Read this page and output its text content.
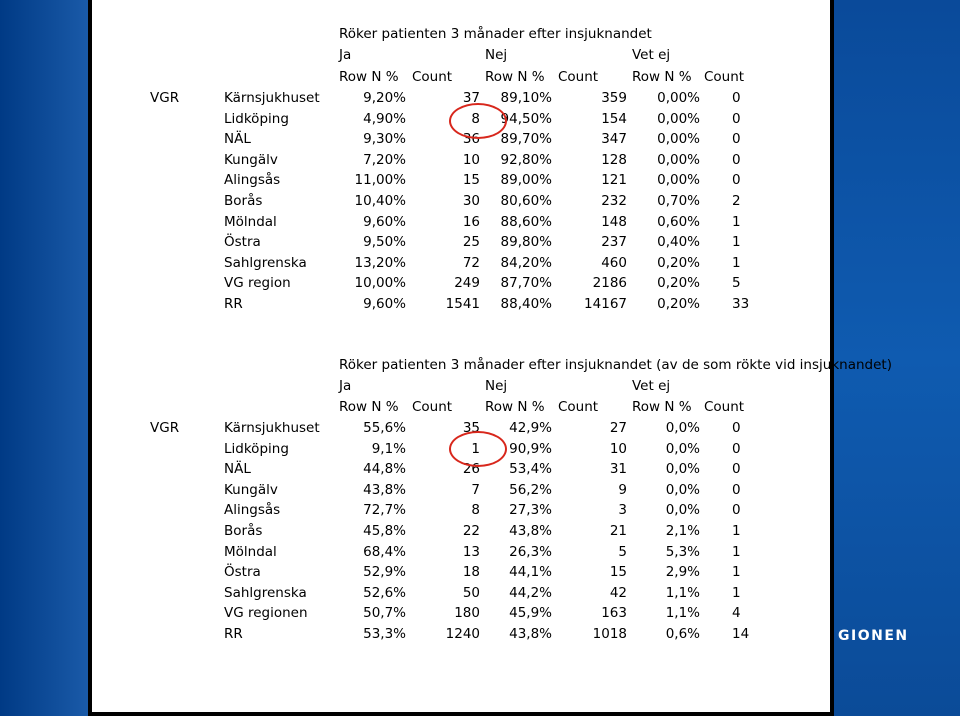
GIONEN
Röker patienten 3 månader efter insjuknandet
Ja	Nej	Vet ej
Row N % Count Row N % Count	Row N % Count
VGR	Kärnsjukhuset	9,20%	37	89,10%	359	0,00% 0
Lidköping	4,90%	8	94,50%	154	0,00% 0
NÄL	9,30%	36	89,70%	347	0,00% 0
Kungälv	7,20%	10	92,80%	128	0,00% 0
Alingsås	11,00%	15	89,00%	121	0,00% 0
Borås	10,40%	30	80,60%	232	0,70% 2
Mölndal	9,60%	16	88,60%	148	0,60% 1
Östra	9,50%	25	89,80%	237	0,40% 1
Sahlgrenska	13,20%	72	84,20%	460	0,20% 1
VG region	10,00%	249	87,70%	2186	0,20% 5
RR	9,60%	1541	88,40%	14167	0,20% 33
Röker patienten 3 månader efter insjuknandet (av de som rökte vid insjuknandet)
Ja	Nej	Vet ej
Row N % Count Row N % Count	Row N % Count
VGR	Kärnsjukhuset	55,6%	35	42,9%	27	0,0% 0
Lidköping	9,1%	1	90,9%	10	0,0% 0
NÄL	44,8%	26	53,4%	31	0,0% 0
Kungälv	43,8%	7	56,2%	9	0,0% 0
Alingsås	72,7%	8	27,3%	3	0,0% 0
Borås	45,8%	22	43,8%	21	2,1% 1
Mölndal	68,4%	13	26,3%	5	5,3% 1
Östra	52,9%	18	44,1%	15	2,9% 1
Sahlgrenska	52,6%	50	44,2%	42	1,1% 1
VG regionen	50,7%	180	45,9%	163	1,1% 4
RR	53,3%	1240	43,8%	1018	0,6% 14
